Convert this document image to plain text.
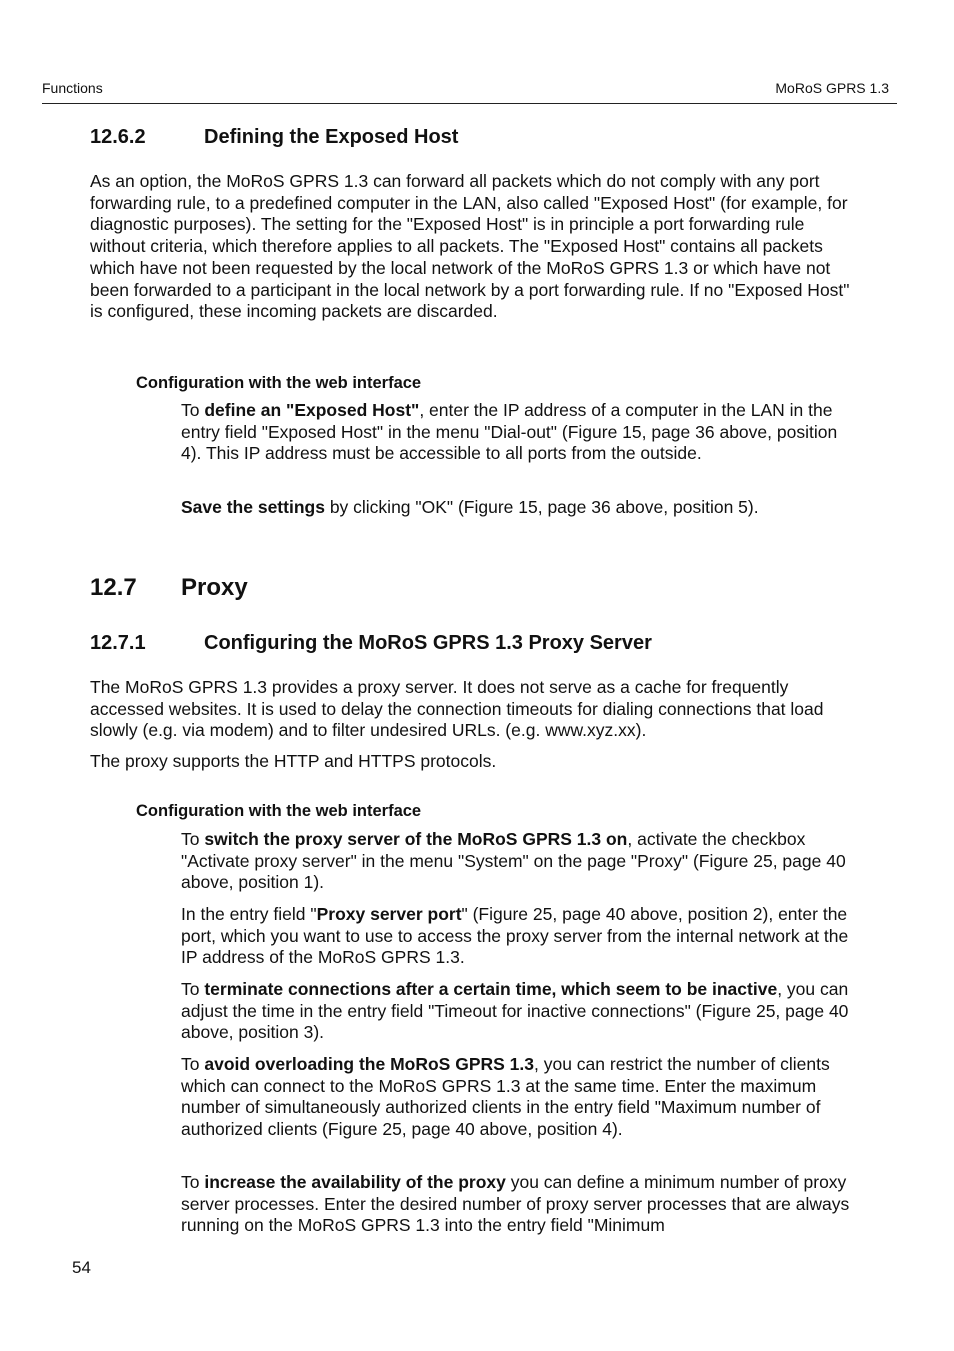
Functions	MoRoS GPRS 1.3
12.6.2	Defining the Exposed Host

As an option, the MoRoS GPRS 1.3 can forward all packets which do not comply with any port forwarding rule, to a predefined computer in the LAN, also called "Exposed Host" (for example, for diagnostic purposes). The setting for the "Exposed Host" is in principle a port forwarding rule without criteria, which therefore applies to all packets. The "Exposed Host" contains all packets which have not been requested by the local network of the MoRoS GPRS 1.3 or which have not been forwarded to a participant in the local network by a port forwarding rule. If no "Exposed Host" is configured, these incoming packets are discarded.

Configuration with the web interface

To define an "Exposed Host", enter the IP address of a computer in the LAN in the entry field "Exposed Host" in the menu "Dial-out" (Figure 15, page 36 above, position 4). This IP address must be accessible to all ports from the outside.

Save the settings by clicking "OK" (Figure 15, page 36 above, position 5).

12.7 Proxy
12.7.1	Configuring the MoRoS GPRS 1.3 Proxy Server

The MoRoS GPRS 1.3 provides a proxy server. It does not serve as a cache for frequently accessed websites. It is used to delay the connection timeouts for dialing connections that load slowly (e.g. via modem) and to filter undesired URLs. (e.g. www.xyz.xx).

The proxy supports the HTTP and HTTPS protocols.

Configuration with the web interface

To switch the proxy server of the MoRoS GPRS 1.3 on, activate the checkbox "Activate proxy server" in the menu "System" on the page "Proxy" (Figure 25, page 40 above, position 1).

In the entry field "Proxy server port" (Figure 25, page 40 above, position 2), enter the port, which you want to use to access the proxy server from the internal network at the IP address of the MoRoS GPRS 1.3.

To terminate connections after a certain time, which seem to be inactive, you can adjust the time in the entry field "Timeout for inactive connections" (Figure 25, page 40 above, position 3).

To avoid overloading the MoRoS GPRS 1.3, you can restrict the number of clients which can connect to the MoRoS GPRS 1.3 at the same time. Enter the maximum number of simultaneously authorized clients in the entry field "Maximum number of authorized clients (Figure 25, page 40 above, position 4).

To increase the availability of the proxy you can define a minimum number of proxy server processes. Enter the desired number of proxy server processes that are always running on the MoRoS GPRS 1.3 into the entry field "Minimum

54
